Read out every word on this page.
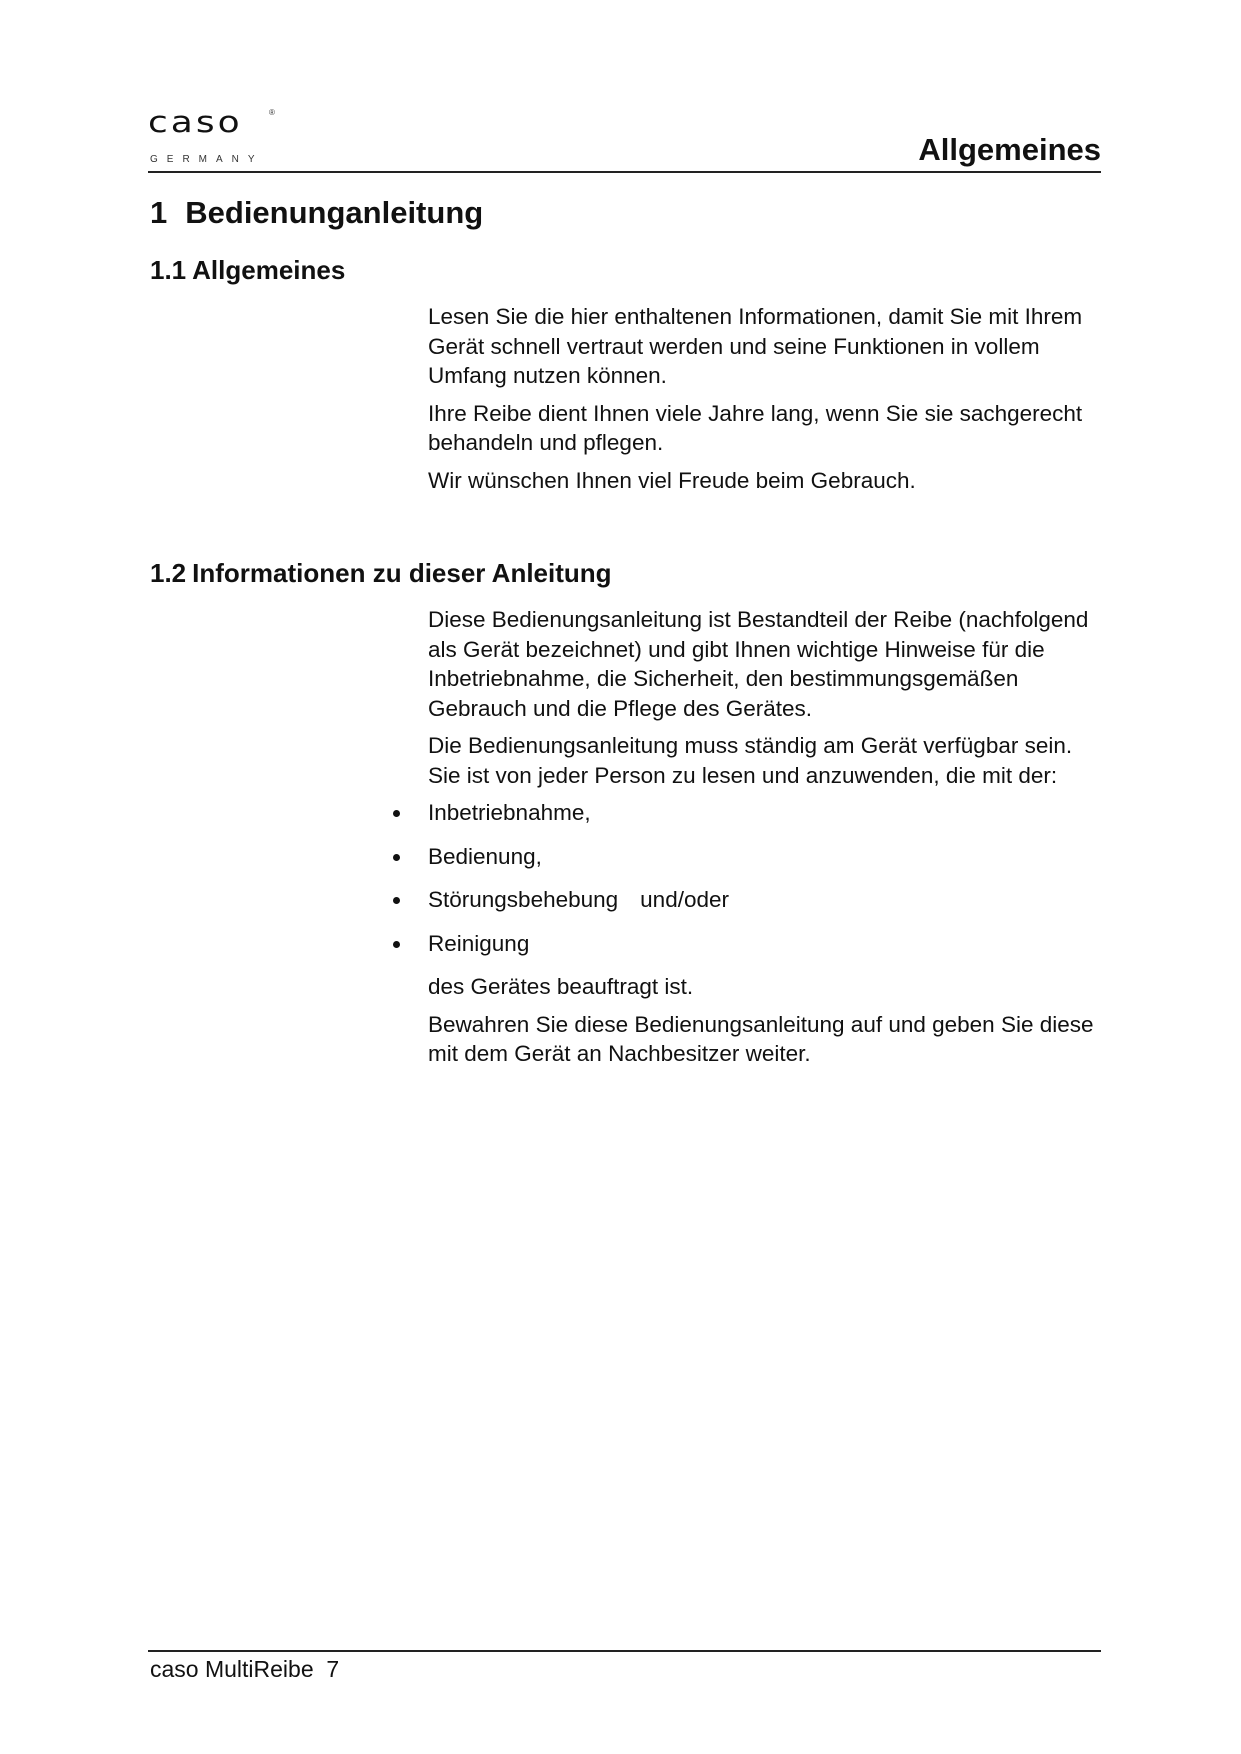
caso	®
GERMANY	Allgemeines
1 Bedienunganleitung
1.1 Allgemeines

Lesen Sie die hier enthaltenen Informationen, damit Sie mit Ihrem Gerät schnell vertraut werden und seine Funktionen in vollem Umfang nutzen können.

Ihre Reibe dient Ihnen viele Jahre lang, wenn Sie sie sachgerecht behandeln und pflegen.

Wir wünschen Ihnen viel Freude beim Gebrauch.

1.2 Informationen zu dieser Anleitung

Diese Bedienungsanleitung ist Bestandteil der Reibe (nachfolgend als Gerät bezeichnet) und gibt Ihnen wichtige Hinweise für die Inbetriebnahme, die Sicherheit, den bestimmungsgemäßen Gebrauch und die Pflege des Gerätes.

Die Bedienungsanleitung muss ständig am Gerät verfügbar sein. Sie ist von jeder Person zu lesen und anzuwenden, die mit der:

Inbetriebnahme,
Bedienung,
Störungsbehebung und/oder
Reinigung

des Gerätes beauftragt ist.

Bewahren Sie diese Bedienungsanleitung auf und geben Sie diese mit dem Gerät an Nachbesitzer weiter.

caso MultiReibe  7
